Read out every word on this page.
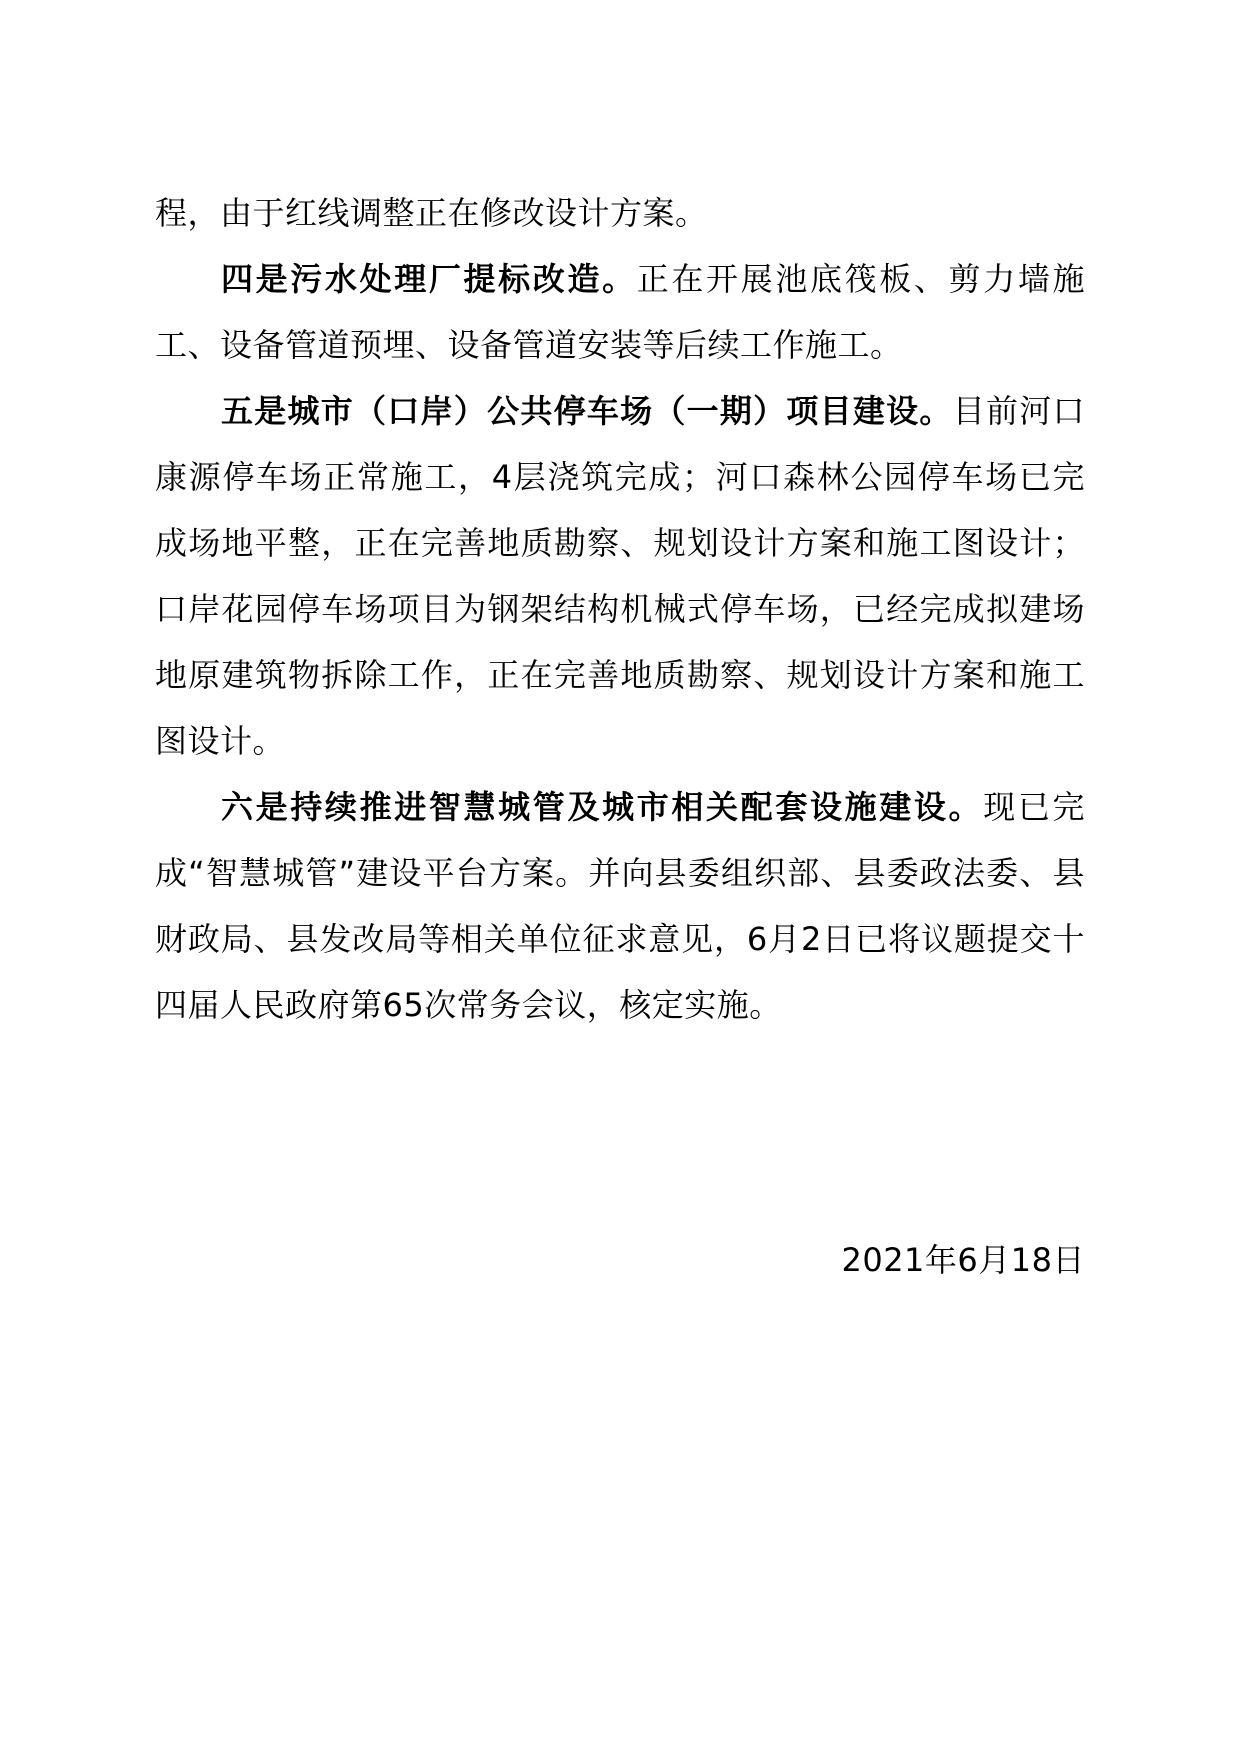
程，由于红线调整正在修改设计方案。

四是污水处理厂提标改造。正在开展池底筏板、剪力墙施工、设备管道预埋、设备管道安装等后续工作施工。

五是城市（口岸）公共停车场（一期）项目建设。目前河口康源停车场正常施工，4层浇筑完成；河口森林公园停车场已完成场地平整，正在完善地质勘察、规划设计方案和施工图设计；口岸花园停车场项目为钢架结构机械式停车场，已经完成拟建场地原建筑物拆除工作，正在完善地质勘察、规划设计方案和施工图设计。

六是持续推进智慧城管及城市相关配套设施建设。现已完成“智慧城管”建设平台方案。并向县委组织部、县委政法委、县财政局、县发改局等相关单位征求意见，6月2日已将议题提交十四届人民政府第65次常务会议，核定实施。

2021年6月18日
